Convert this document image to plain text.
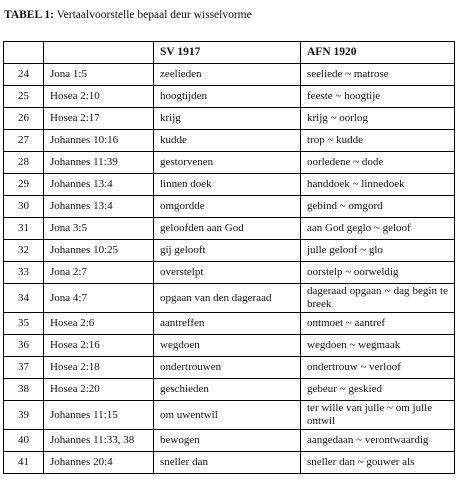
TABEL 1: Vertaalvoorstelle bepaal deur wisselvorme
		SV 1917	AFN 1920
24	Jona 1:5	zeelieden	seeliede ~ matrose
25	Hosea 2:10	hoogtijden	feeste ~ hoogtije
26	Hosea 2:17	krijg	krijg ~ oorlog
27	Johannes 10:16	kudde	trop ~ kudde
28	Johannes 11:39	gestorvenen	oorledene ~ dode
29	Johannes 13:4	linnen doek	handdoek ~ linnedoek
30	Johannes 13:4	omgordde	gebind ~ omgord
31	Jona 3:5	geloofden aan God	aan God geglo ~ geloof
32	Johannes 10:25	gij gelooft	julle geloof ~ glo
33	Jona 2:7	overstelpt	oorstelp ~ oorweldig
34	Jona 4:7	opgaan van den dageraad	dageraad opgaan ~ dag begin te breek
35	Hosea 2:6	aantreffen	ontmoet ~ aantref
36	Hosea 2:16	wegdoen	wegdoen ~ wegmaak
37	Hosea 2:18	ondertrouwen	ondertrouw ~ verloof
38	Hosea 2:20	geschieden	gebeur ~ geskied
39	Johannes 11:15	om uwentwil	ter wille van julle ~ om julle ontwil
40	Johannes 11:33, 38	bewogen	aangedaan ~ verontwaardig
41	Johannes 20:4	sneller dan	sneller dan ~ gouwer als
